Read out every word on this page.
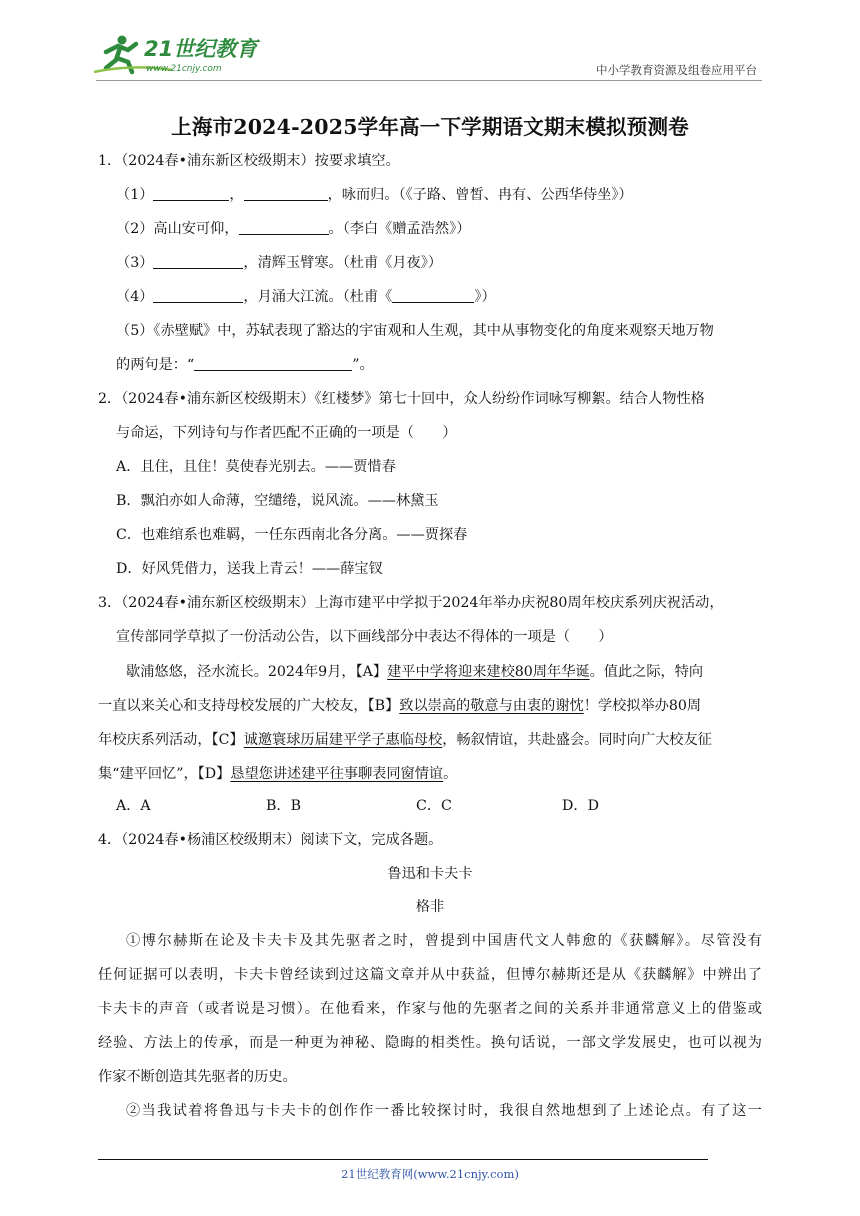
21世纪教育
www.21cnjy.com	中小学教育资源及组卷应用平台
上海市2024-2025学年高一下学期语文期末模拟预测卷
1．（2024春•浦东新区校级期末）按要求填空。
（1）	，	，咏而归。（《子路、曾皙、冉有、公西华侍坐》）
（2）高山安可仰，	。（李白《赠孟浩然》）
（3）	，清辉玉臂寒。（杜甫《月夜》）
（4）	，月涌大江流。（杜甫《	》）
（5）《赤壁赋》中，苏轼表现了豁达的宇宙观和人生观，其中从事物变化的角度来观察天地万物
的两句是：“	”。
2．（2024春•浦东新区校级期末）《红楼梦》第七十回中，众人纷纷作词咏写柳絮。结合人物性格
与命运，下列诗句与作者匹配不正确的一项是（　　）
A．且住，且住！莫使春光别去。——贾惜春
B．飘泊亦如人命薄，空缱绻，说风流。——林黛玉
C．也难绾系也难羁，一任东西南北各分离。——贾探春
D．好风凭借力，送我上青云！——薛宝钗
3．（2024春•浦东新区校级期末）上海市建平中学拟于2024年举办庆祝80周年校庆系列庆祝活动，
宣传部同学草拟了一份活动公告，以下画线部分中表达不得体的一项是（　　）
歇浦悠悠，泾水流长。2024年9月，【A】建平中学将迎来建校80周年华诞。值此之际，特向
一直以来关心和支持母校发展的广大校友，【B】致以崇高的敬意与由衷的谢忱！学校拟举办80周
年校庆系列活动，【C】诚邀寰球历届建平学子惠临母校，畅叙情谊，共赴盛会。同时向广大校友征
集“建平回忆”，【D】恳望您讲述建平往事聊表同窗情谊。
A．A	B．B	C．C	D．D
4．（2024春•杨浦区校级期末）阅读下文，完成各题。
鲁迅和卡夫卡
格非
①博尔赫斯在论及卡夫卡及其先驱者之时，曾提到中国唐代文人韩愈的《获麟解》。尽管没有
任何证据可以表明，卡夫卡曾经读到过这篇文章并从中获益，但博尔赫斯还是从《获麟解》中辨出了
卡夫卡的声音（或者说是习惯）。在他看来，作家与他的先驱者之间的关系并非通常意义上的借鉴或
经验、方法上的传承，而是一种更为神秘、隐晦的相类性。换句话说，一部文学发展史，也可以视为
作家不断创造其先驱者的历史。
②当我试着将鲁迅与卡夫卡的创作作一番比较探讨时，我很自然地想到了上述论点。有了这一
21世纪教育网(www.21cnjy.com)
